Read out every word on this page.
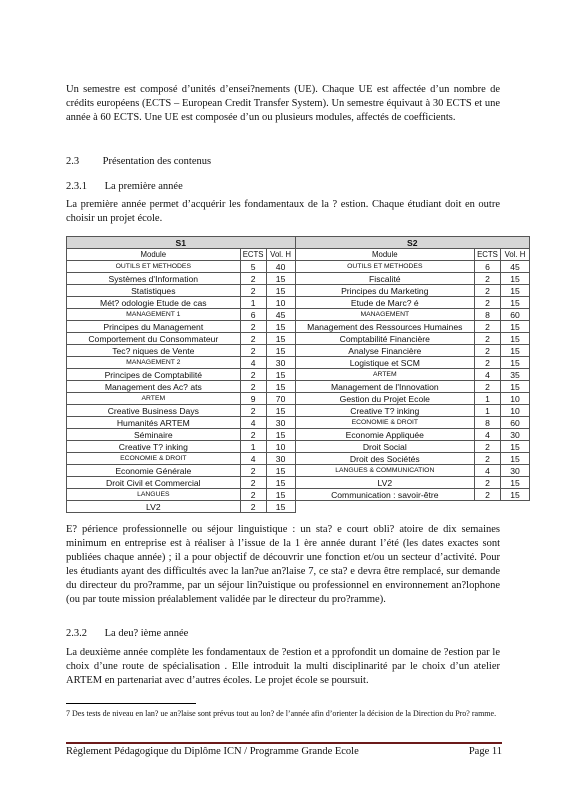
Un semestre est composé d’unités d’ensei?nements (UE). Chaque UE est affectée d’un nombre de crédits européens (ECTS – European Credit Transfer System). Un semestre équivaut à 30 ECTS et une année à 60 ECTS. Une UE est composée d’un ou plusieurs modules, affectés de coefficients.
2.3 Présentation des contenus
2.3.1 La première année
La première année permet d’acquérir les fondamentaux de la ? estion. Chaque étudiant doit en outre choisir un projet école.
S1			S2		
Module	ECTS	Vol. H	Module	ECTS	Vol. H
OUTILS ET METHODES	5	40	OUTILS ET METHODES	6	45
Systèmes d'Information	2	15	Fiscalité	2	15
Statistiques	2	15	Principes du Marketing	2	15
Mét? odologie Etude de cas	1	10	Etude de Marc? é	2	15
MANAGEMENT 1	6	45	MANAGEMENT	8	60
Principes du Management	2	15	Management des Ressources Humaines	2	15
Comportement du Consommateur	2	15	Comptabilité Financière	2	15
Tec? niques de Vente	2	15	Analyse Financière	2	15
MANAGEMENT 2	4	30	Logistique et SCM	2	15
Principes de Comptabilité	2	15	ARTEM	4	35
Management des Ac? ats	2	15	Management de l'Innovation	2	15
ARTEM	9	70	Gestion du Projet Ecole	1	10
Creative Business Days	2	15	Creative T? inking	1	10
Humanités ARTEM	4	30	ECONOMIE & DROIT	8	60
Séminaire	2	15	Economie Appliquée	4	30
Creative T? inking	1	10	Droit Social	2	15
ECONOMIE & DROIT	4	30	Droit des Sociétés	2	15
Economie Générale	2	15	LANGUES & COMMUNICATION	4	30
Droit Civil et Commercial	2	15	LV2	2	15
LANGUES	2	15	Communication : savoir-être	2	15
LV2	2	15			
E? périence professionnelle ou séjour linguistique : un sta? e court obli? atoire de dix semaines minimum en entreprise est à réaliser à l’issue de la 1 ère année durant l’été (les dates exactes sont publiées chaque année) ; il a pour objectif de découvrir une fonction et/ou un secteur d’activité. Pour les étudiants ayant des difficultés avec la lan?ue an?laise 7, ce sta? e devra être remplacé, sur demande du directeur du pro?ramme, par un séjour lin?uistique ou professionnel en environnement an?lophone (ou par toute mission préalablement validée par le directeur du pro?ramme).
2.3.2 La deu? ième année
La deuxième année complète les fondamentaux de ?estion et a pprofondit un domaine de ?estion par le choix d’une route de spécialisation . Elle introduit la multi disciplinarité par le choix d’un atelier ARTEM en partenariat avec d’autres écoles. Le projet école se poursuit.
7 Des tests de niveau en lan? ue an?laise sont prévus tout au lon? de l’année afin d’orienter la décision de la Direction du Pro? ramme.
Règlement Pédagogique du Diplôme ICN / Programme Grande Ecole	Page 11
